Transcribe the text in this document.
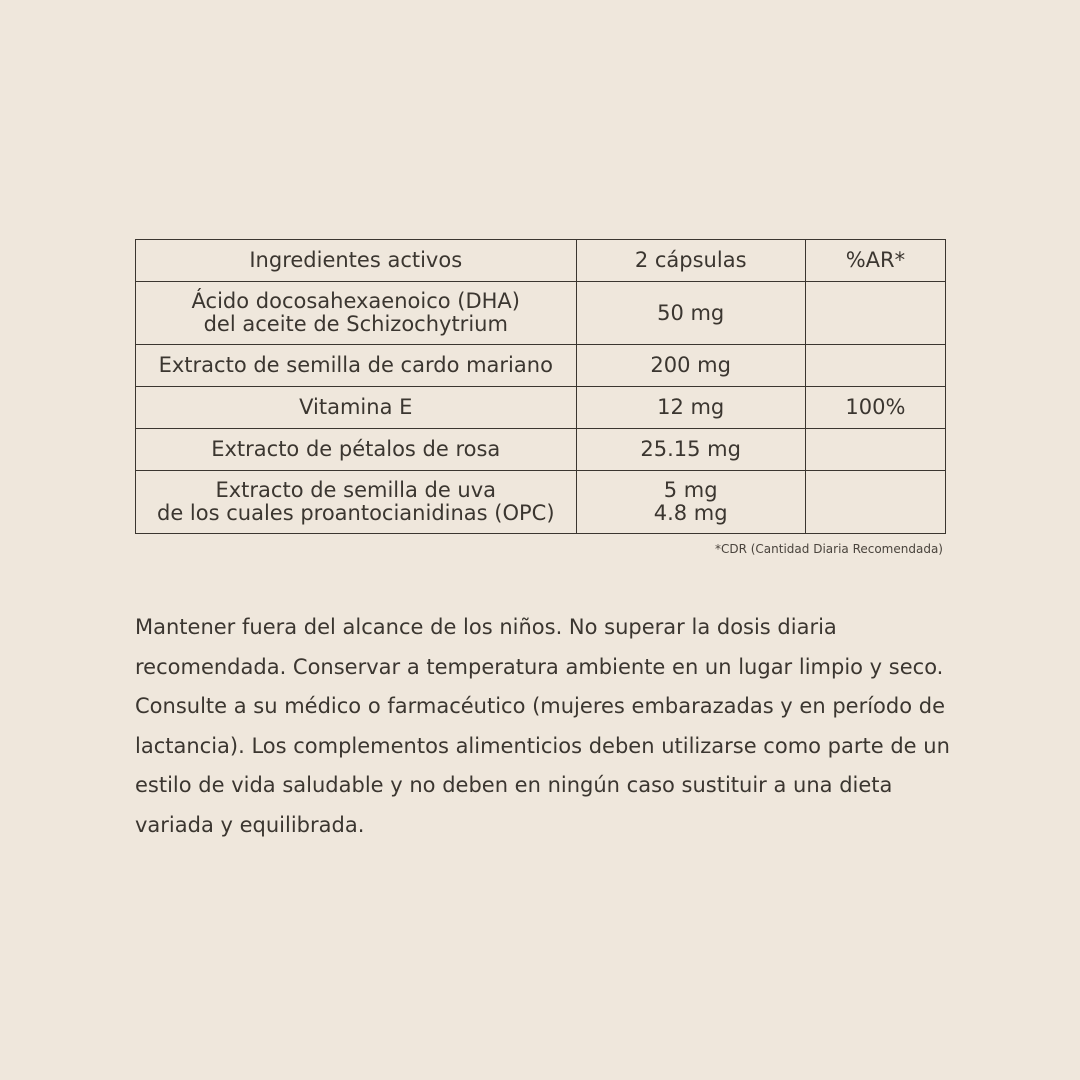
Ingredientes activos	2 cápsulas	%AR*

Ácido docosahexaenoico (DHA)
del aceite de Schizochytrium	50 mg	

Extracto de semilla de cardo mariano	200 mg	

Vitamina E	12 mg	100%

Extracto de pétalos de rosa	25.15 mg	

Extracto de semilla de uva
de los cuales proantocianidinas (OPC)	5 mg
4.8 mg	

*CDR (Cantidad Diaria Recomendada)

Mantener fuera del alcance de los niños. No superar la dosis diaria recomendada. Conservar a temperatura ambiente en un lugar limpio y seco. Consulte a su médico o farmacéutico (mujeres embarazadas y en período de lactancia). Los complementos alimenticios deben utilizarse como parte de un estilo de vida saludable y no deben en ningún caso sustituir a una dieta variada y equilibrada.
